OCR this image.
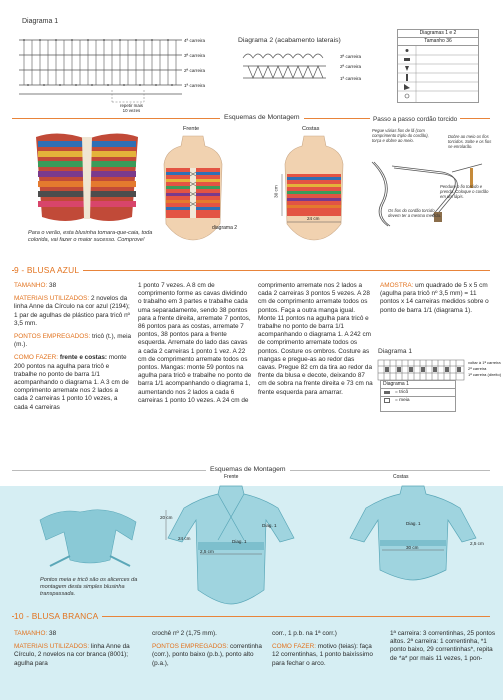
Diagrama 1
4ª carreira
3ª carreira
2ª carreira
1ª carreira
repetir mais
10 vezes
Diagrama 2 (acabamento laterais)
3ª carreira
2ª carreira
1ª carreira
Diagramas 1 e 2
Tamanho 36
Esquemas de Montagem
Para o verão, esta blusinha tomara-que-caia, toda colorida, vai fazer o maior sucesso. Comprove!
Frente
diagrama 2
Costas
30 cm
24 cm
Passo a passo cordão torcido
Pegue várias fios de lã (com comprimento triplo do cordão), torça e dobre ao meio.
Dobre ao meio os fios torcidos. Solte e os fios se enrolarão.
Pendure o fio torcido e prenda. Coloque o cordão em um lápis.
Os fios do cordão torcido devem ter a mesma medida.
9 - BLUSA AZUL
TAMANHO: 38
MATERIAIS UTILIZADOS: 2 novelos da linha Anne da Círculo na cor azul (2194); 1 par de agulhas de plástico para tricô nº 3,5 mm.
PONTOS EMPREGADOS: tricô (t.), meia (m.).
COMO FAZER: frente e costas: monte 200 pontos na agulha para tricô e trabalhe no ponto de barra 1/1 acompanhando o diagrama 1. A 3 cm de comprimento arremate nos 2 lados a cada 2 carreiras 1 ponto 10 vezes, a cada 4 carreiras
1 ponto 7 vezes. A 8 cm de comprimento forme as cavas dividindo o trabalho em 3 partes e trabalhe cada uma separadamente, sendo 38 pontos para a frente direita, arremate 7 pontos, 86 pontos para as costas, arremate 7 pontos, 38 pontos para a frente esquerda. Arremate do lado das cavas a cada 2 carreiras 1 ponto 1 vez. A 22 cm de comprimento arremate todos os pontos. Mangas: monte 59 pontos na agulha para tricô e trabalhe no ponto de barra 1/1 acompanhando o diagrama 1, aumentando nos 2 lados a cada 6 carreiras 1 ponto 10 vezes. A 24 cm de
comprimento arremate nos 2 lados a cada 2 carreiras 3 pontos 5 vezes. A 28 cm de comprimento arremate todos os pontos. Faça a outra manga igual. Monte 11 pontos na agulha para tricô e trabalhe no ponto de barra 1/1 acompanhando o diagrama 1. A 242 cm de comprimento arremate todos os pontos. Costure os ombros. Costure as mangas e pregue-as ao redor das cavas. Pregue 82 cm da tira ao redor da frente da blusa e decote, deixando 87 cm de sobra na frente direita e 73 cm na frente esquerda para amarrar.
AMOSTRA: um quadrado de 5 x 5 cm (agulha para tricô nº 3,5 mm) = 11 pontos x 14 carreiras medidos sobre o ponto de barra 1/1 (diagrama 1).
Diagrama 1
voltar à 1ª carreira
2ª carreira
1ª carreira (direito)
Diagrama 1
= tricô
= meia
Esquemas de Montagem
Pontos meia e tricô são os alicerces da montagem desta simples blusinha transpassada.
Frente
20 cm
24 cm
2,5 cm
Diag. 1
Diag. 1
Costas
30 cm
2,5 cm
Diag. 1
10 - BLUSA BRANCA
TAMANHO: 38
MATERIAIS UTILIZADOS: linha Anne da Círculo, 2 novelos na cor branca (8001); agulha para
crochê nº 2 (1,75 mm).
PONTOS EMPREGADOS: correntinha (corr.), ponto baixo (p.b.), ponto alto (p.a.),
corr., 1 p.b. na 1ª corr.)
COMO FAZER: motivo (teias): faça 12 correntinhas, 1 ponto baixíssimo para fechar o arco.
1ª carreira: 3 correntinhas, 25 pontos altos. 2ª carreira: 1 correntinha, *1 ponto baixo, 29 correntinhas*, repita de *a* por mais 11 vezes, 1 pon-
